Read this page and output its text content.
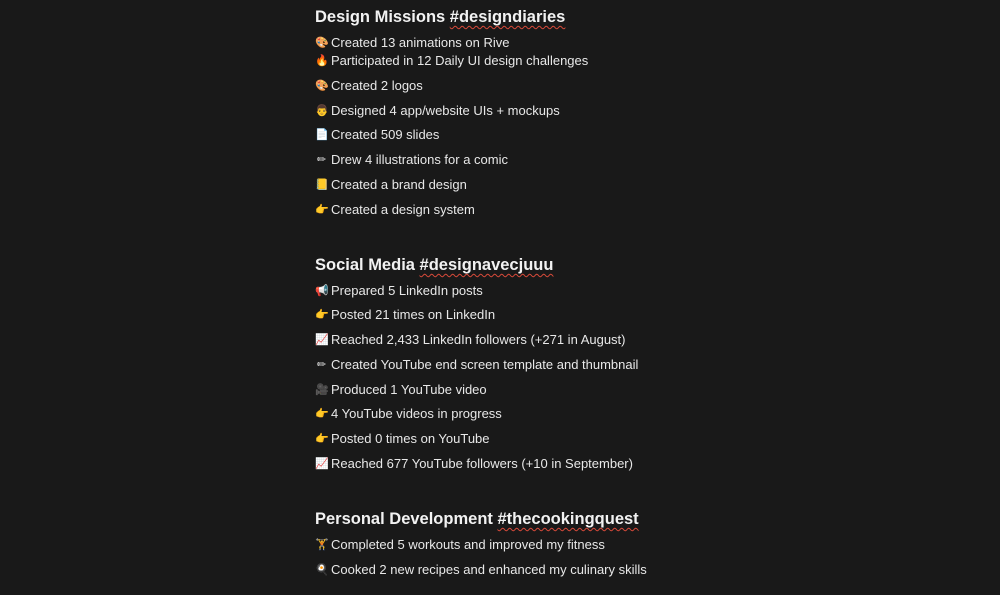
Design Missions #designdiaries
🎨 Created 13 animations on Rive
🔥 Participated in 12 Daily UI design challenges
🎨 Created 2 logos
👨 Designed 4 app/website UIs + mockups
📄 Created 509 slides
✏ Drew 4 illustrations for a comic
📒 Created a brand design
👉 Created a design system
Social Media #designavecjuuu
📢 Prepared 5 LinkedIn posts
👉 Posted 21 times on LinkedIn
📈 Reached 2,433 LinkedIn followers (+271 in August)
✏ Created YouTube end screen template and thumbnail
🎥 Produced 1 YouTube video
👉 4 YouTube videos in progress
👉 Posted 0 times on YouTube
📈 Reached 677 YouTube followers (+10 in September)
Personal Development #thecookingquest
🏋 Completed 5 workouts and improved my fitness
🍳 Cooked 2 new recipes and enhanced my culinary skills
